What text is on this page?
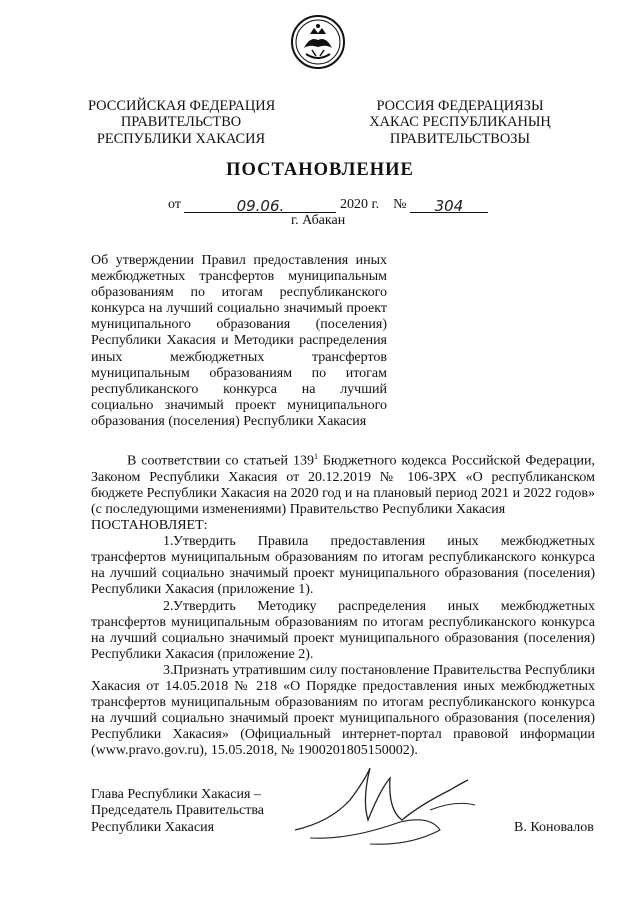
РОССИЙСКАЯ ФЕДЕРАЦИЯ
ПРАВИТЕЛЬСТВО
РЕСПУБЛИКИ ХАКАСИЯ
РОССИЯ ФЕДЕРАЦИЯЗЫ
ХАКАС РЕСПУБЛИКАНЫҢ
ПРАВИТЕЛЬСТВОЗЫ
ПОСТАНОВЛЕНИЕ
от	09.06.	2020 г. № 304
г. Абакан
Об утверждении Правил предоставления иных межбюджетных трансфертов муниципальным образованиям по итогам республиканского конкурса на лучший социально значимый проект муниципального образования (поселения) Республики Хакасия и Методики распределения иных межбюджетных трансфертов муниципальным образованиям по итогам республиканского конкурса на лучший социально значимый проект муниципального образования (поселения) Республики Хакасия

В соответствии со статьей $139^1$ Бюджетного кодекса Российской Федерации, Законом Республики Хакасия от 20.12.2019 № 106-ЗРХ «О республиканском бюджете Республики Хакасия на 2020 год и на плановый период 2021 и 2022 годов» (с последующими изменениями) Правительство Республики Хакасия

ПОСТАНОВЛЯЕТ:

1.Утвердить Правила предоставления иных межбюджетных трансфертов муниципальным образованиям по итогам республиканского конкурса на лучший социально значимый проект муниципального образования (поселения) Республики Хакасия (приложение 1).

2.Утвердить Методику распределения иных межбюджетных трансфертов муниципальным образованиям по итогам республиканского конкурса на лучший социально значимый проект муниципального образования (поселения) Республики Хакасия (приложение 2).

3.Признать утратившим силу постановление Правительства Республики Хакасия от 14.05.2018 № 218 «О Порядке предоставления иных межбюджетных трансфертов муниципальным образованиям по итогам республиканского конкурса на лучший социально значимый проект муниципального образования (поселения) Республики Хакасия» (Официальный интернет-портал правовой информации (www.pravo.gov.ru), 15.05.2018, № 1900201805150002).

Глава Республики Хакасия –
Председатель Правительства
Республики Хакасия	В. Коновалов
